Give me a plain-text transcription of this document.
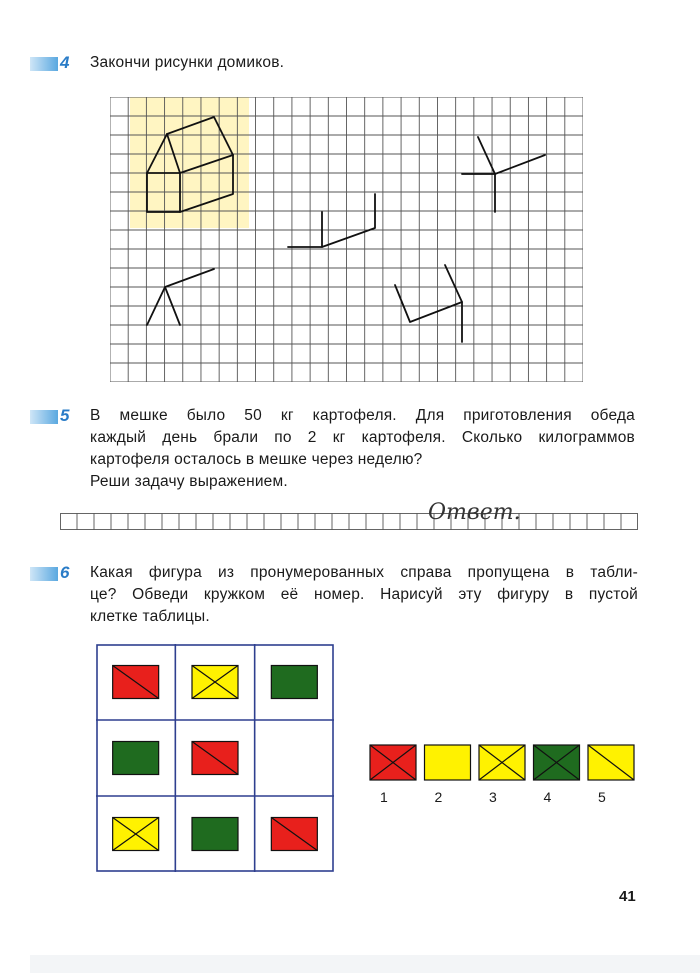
4 Закончи рисунки домиков.
5 В мешке было 50 кг картофеля. Для приготовления обеда
каждый день брали по 2 кг картофеля. Сколько килограммов
картофеля осталось в мешке через неделю?
Реши задачу выражением.
Ответ.
6 Какая фигура из пронумерованных справа пропущена в табли-
це? Обведи кружком её номер. Нарисуй эту фигуру в пустой
клетке таблицы.
1	2	3	4	5
41
